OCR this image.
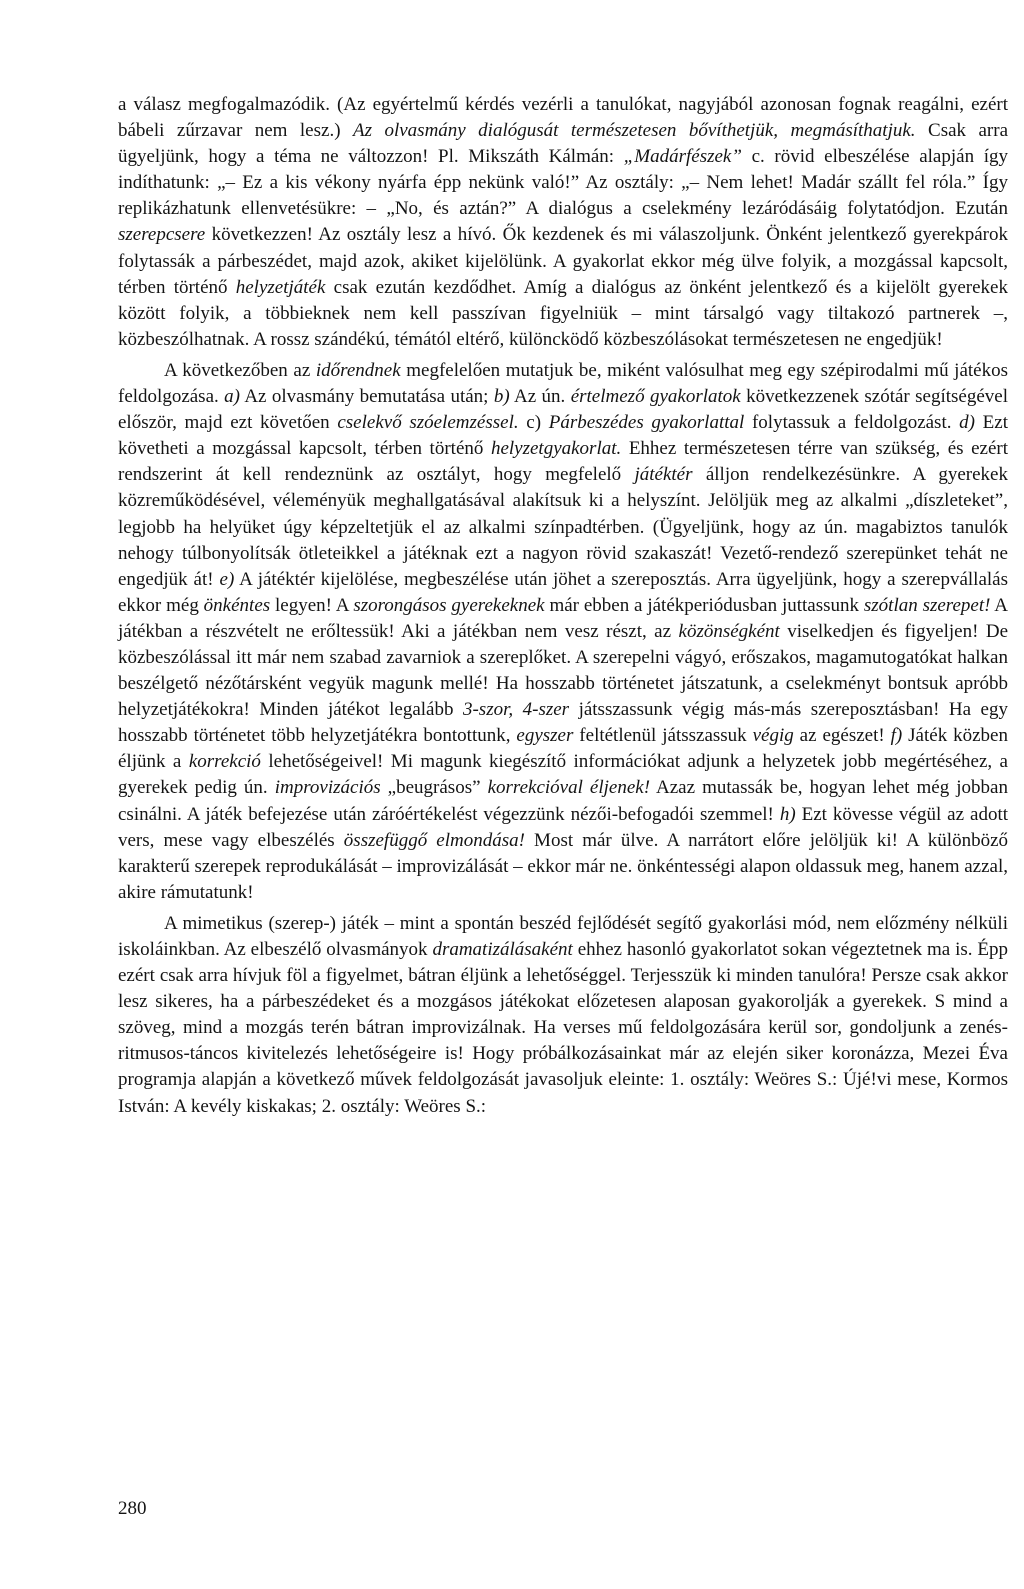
a válasz megfogalmazódik. (Az egyértelmű kérdés vezérli a tanulókat, nagyjából azonosan fognak reagálni, ezért bábeli zűrzavar nem lesz.) Az olvasmány dialógusát természetesen bővíthetjük, megmásíthatjuk. Csak arra ügyeljünk, hogy a téma ne változzon! Pl. Mikszáth Kálmán: „Madárfészek” c. rövid elbeszélése alapján így indíthatunk: „– Ez a kis vékony nyárfa épp nekünk való!” Az osztály: „– Nem lehet! Madár szállt fel róla.” Így replikázhatunk ellenvetésükre: – „No, és aztán?” A dialógus a cselekmény lezáródásáig folytatódjon. Ezután szerepcsere következzen! Az osztály lesz a hívó. Ők kezdenek és mi válaszoljunk. Önként jelentkező gyerekpárok folytassák a párbeszédet, majd azok, akiket kijelölünk. A gyakorlat ekkor még ülve folyik, a mozgással kapcsolt, térben történő helyzetjáték csak ezután kezdődhet. Amíg a dialógus az önként jelentkező és a kijelölt gyerekek között folyik, a többieknek nem kell passzívan figyelniük – mint társalgó vagy tiltakozó partnerek –, közbeszólhatnak. A rossz szándékú, témától eltérő, különcködő közbeszólásokat természetesen ne engedjük!

A következőben az időrendnek megfelelően mutatjuk be, miként valósulhat meg egy szépirodalmi mű játékos feldolgozása. a) Az olvasmány bemutatása után; b) Az ún. értelmező gyakorlatok következzenek szótár segítségével először, majd ezt követően cselekvő szóelemzéssel. c) Párbeszédes gyakorlattal folytassuk a feldolgozást. d) Ezt követheti a mozgással kapcsolt, térben történő helyzetgyakorlat. Ehhez természetesen térre van szükség, és ezért rendszerint át kell rendeznünk az osztályt, hogy megfelelő játéktér álljon rendelkezésünkre. A gyerekek közreműködésével, véleményük meghallgatásával alakítsuk ki a helyszínt. Jelöljük meg az alkalmi „díszleteket”, legjobb ha helyüket úgy képzeltetjük el az alkalmi színpadtérben. (Ügyeljünk, hogy az ún. magabiztos tanulók nehogy túlbonyolítsák ötleteikkel a játéknak ezt a nagyon rövid szakaszát! Vezető-rendező szerepünket tehát ne engedjük át! e) A játéktér kijelölése, megbeszélése után jöhet a szereposztás. Arra ügyeljünk, hogy a szerepvállalás ekkor még önkéntes legyen! A szorongásos gyerekeknek már ebben a játékperiódusban juttassunk szótlan szerepet! A játékban a részvételt ne erőltessük! Aki a játékban nem vesz részt, az közönségként viselkedjen és figyeljen! De közbeszólással itt már nem szabad zavarniok a szereplőket. A szerepelni vágyó, erőszakos, magamutogatókat halkan beszélgető nézőtársként vegyük magunk mellé! Ha hosszabb történetet játszatunk, a cselekményt bontsuk apróbb helyzetjátékokra! Minden játékot legalább 3-szor, 4-szer játsszassunk végig más-más szereposztásban! Ha egy hosszabb történetet több helyzetjátékra bontottunk, egyszer feltétlenül játsszassuk végig az egészet! f) Játék közben éljünk a korrekció lehetőségeivel! Mi magunk kiegészítő információkat adjunk a helyzetek jobb megértéséhez, a gyerekek pedig ún. improvizációs „beugrásos” korrekcióval éljenek! Azaz mutassák be, hogyan lehet még jobban csinálni. A játék befejezése után záróértékelést végezzünk nézői-befogadói szemmel! h) Ezt kövesse végül az adott vers, mese vagy elbeszélés összefüggő elmondása! Most már ülve. A narrátort előre jelöljük ki! A különböző karakterű szerepek reprodukálását – improvizálását – ekkor már ne. önkéntességi alapon oldassuk meg, hanem azzal, akire rámutatunk!

A mimetikus (szerep-) játék – mint a spontán beszéd fejlődését segítő gyakorlási mód, nem előzmény nélküli iskoláinkban. Az elbeszélő olvasmányok dramatizálásaként ehhez hasonló gyakorlatot sokan végeztetnek ma is. Épp ezért csak arra hívjuk föl a figyelmet, bátran éljünk a lehetőséggel. Terjesszük ki minden tanulóra! Persze csak akkor lesz sikeres, ha a párbeszédeket és a mozgásos játékokat előzetesen alaposan gyakorolják a gyerekek. S mind a szöveg, mind a mozgás terén bátran improvizálnak. Ha verses mű feldolgozására kerül sor, gondoljunk a zenés-ritmusos-táncos kivitelezés lehetőségeire is! Hogy próbálkozásainkat már az elején siker koronázza, Mezei Éva programja alapján a következő művek feldolgozását javasoljuk eleinte: 1. osztály: Weöres S.: Újé!vi mese, Kormos István: A kevély kiskakas; 2. osztály: Weöres S.:

280
